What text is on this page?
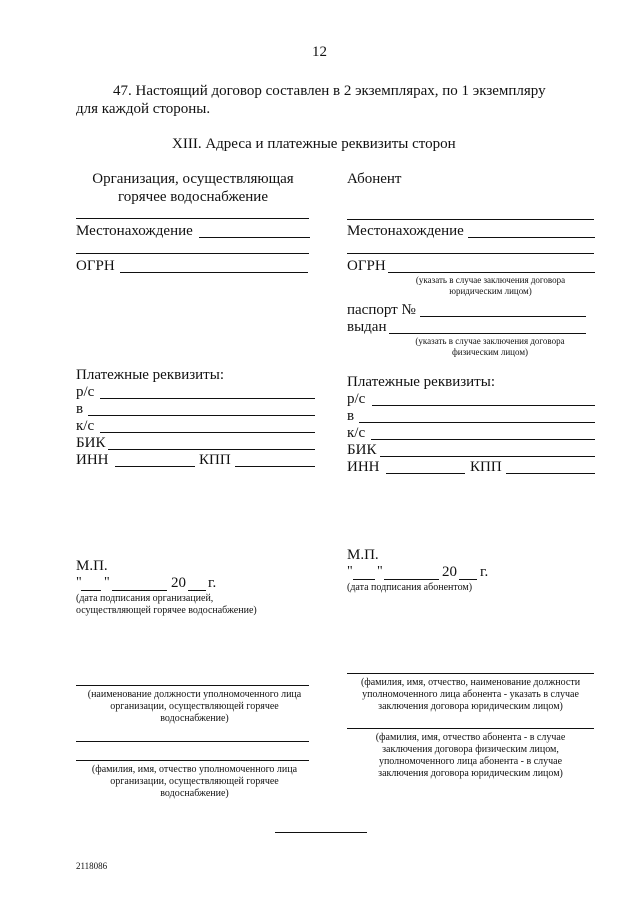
12
47. Настоящий договор составлен в 2 экземплярах, по 1 экземпляру
для каждой стороны.
XIII. Адреса и платежные реквизиты сторон
Организация, осуществляющая
горячее водоснабжение
Местонахождение
ОГРН
Платежные реквизиты:
р/с
в
к/с
БИК
ИНН	КПП
М.П.
" "	20 г.
(дата подписания организацией,
осуществляющей горячее водоснабжение)
(наименование должности уполномоченного лица
организации, осуществляющей горячее
водоснабжение)
(фамилия, имя, отчество уполномоченного лица
организации, осуществляющей горячее
водоснабжение)
Абонент
Местонахождение
ОГРН
(указать в случае заключения договора
юридическим лицом)
паспорт №
выдан
(указать в случае заключения договора
физическим лицом)
Платежные реквизиты:
р/с
в
к/с
БИК
ИНН	КПП
М.П.
" "	20 г.
(дата подписания абонентом)
(фамилия, имя, отчество, наименование должности
уполномоченного лица абонента - указать в случае
заключения договора юридическим лицом)
(фамилия, имя, отчество абонента - в случае
заключения договора физическим лицом,
уполномоченного лица абонента - в случае
заключения договора юридическим лицом)
2118086
